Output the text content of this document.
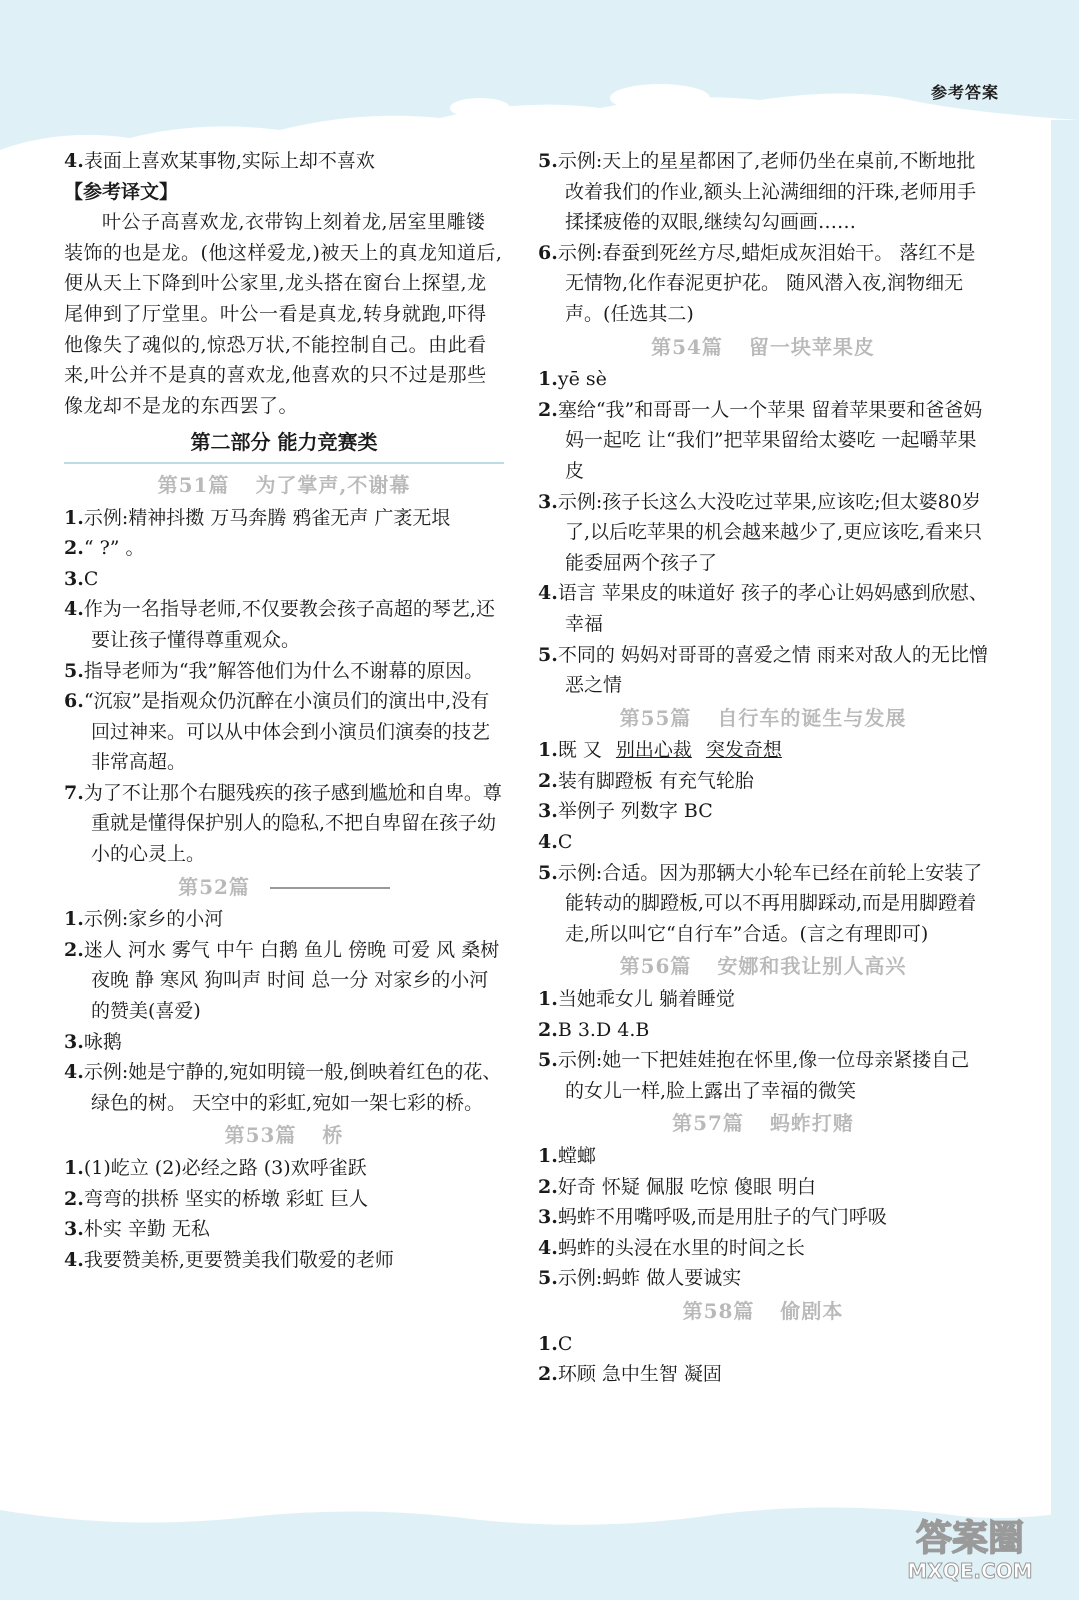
参考答案

4.表面上喜欢某事物,实际上却不喜欢

【参考译文】

叶公子高喜欢龙,衣带钩上刻着龙,居室里雕镂装饰的也是龙。(他这样爱龙,)被天上的真龙知道后,便从天上下降到叶公家里,龙头搭在窗台上探望,龙尾伸到了厅堂里。叶公一看是真龙,转身就跑,吓得他像失了魂似的,惊恐万状,不能控制自己。由此看来,叶公并不是真的喜欢龙,他喜欢的只不过是那些像龙却不是龙的东西罢了。

第二部分 能力竞赛类

第51篇 为了掌声,不谢幕

1.示例:精神抖擞 万马奔腾 鸦雀无声 广袤无垠

2.“ ?” 。

3.C

4.作为一名指导老师,不仅要教会孩子高超的琴艺,还要让孩子懂得尊重观众。

5.指导老师为“我”解答他们为什么不谢幕的原因。

6.“沉寂”是指观众仍沉醉在小演员们的演出中,没有回过神来。可以从中体会到小演员们演奏的技艺非常高超。

7.为了不让那个右腿残疾的孩子感到尴尬和自卑。尊重就是懂得保护别人的隐私,不把自卑留在孩子幼小的心灵上。

第52篇

1.示例:家乡的小河

2.迷人 河水 雾气 中午 白鹅 鱼儿 傍晚 可爱 风 桑树 夜晚 静 寒风 狗叫声 时间 总一分 对家乡的小河的赞美(喜爱)

3.咏鹅

4.示例:她是宁静的,宛如明镜一般,倒映着红色的花、绿色的树。 天空中的彩虹,宛如一架七彩的桥。

第53篇 桥

1.(1)屹立 (2)必经之路 (3)欢呼雀跃

2.弯弯的拱桥 坚实的桥墩 彩虹 巨人

3.朴实 辛勤 无私

4.我要赞美桥,更要赞美我们敬爱的老师

5.示例:天上的星星都困了,老师仍坐在桌前,不断地批改着我们的作业,额头上沁满细细的汗珠,老师用手揉揉疲倦的双眼,继续勾勾画画……

6.示例:春蚕到死丝方尽,蜡炬成灰泪始干。 落红不是无情物,化作春泥更护花。 随风潜入夜,润物细无声。(任选其二)

第54篇 留一块苹果皮

1.yē sè

2.塞给“我”和哥哥一人一个苹果 留着苹果要和爸爸妈妈一起吃 让“我们”把苹果留给太婆吃 一起嚼苹果皮

3.示例:孩子长这么大没吃过苹果,应该吃;但太婆80岁了,以后吃苹果的机会越来越少了,更应该吃,看来只能委屈两个孩子了

4.语言 苹果皮的味道好 孩子的孝心让妈妈感到欣慰、幸福

5.不同的 妈妈对哥哥的喜爱之情 雨来对敌人的无比憎恶之情

第55篇 自行车的诞生与发展

1.既 又 别出心裁 突发奇想

2.装有脚蹬板 有充气轮胎

3.举例子 列数字 BC

4.C

5.示例:合适。因为那辆大小轮车已经在前轮上安装了能转动的脚蹬板,可以不再用脚踩动,而是用脚蹬着走,所以叫它“自行车”合适。(言之有理即可)

第56篇 安娜和我让别人高兴

1.当她乖女儿 躺着睡觉

2.B 3.D 4.B

5.示例:她一下把娃娃抱在怀里,像一位母亲紧搂自己的女儿一样,脸上露出了幸福的微笑

第57篇 蚂蚱打赌

1.螳螂

2.好奇 怀疑 佩服 吃惊 傻眼 明白

3.蚂蚱不用嘴呼吸,而是用肚子的气门呼吸

4.蚂蚱的头浸在水里的时间之长

5.示例:蚂蚱 做人要诚实

第58篇 偷剧本

1.C

2.环顾 急中生智 凝固

答案圈
MXQE.COM
